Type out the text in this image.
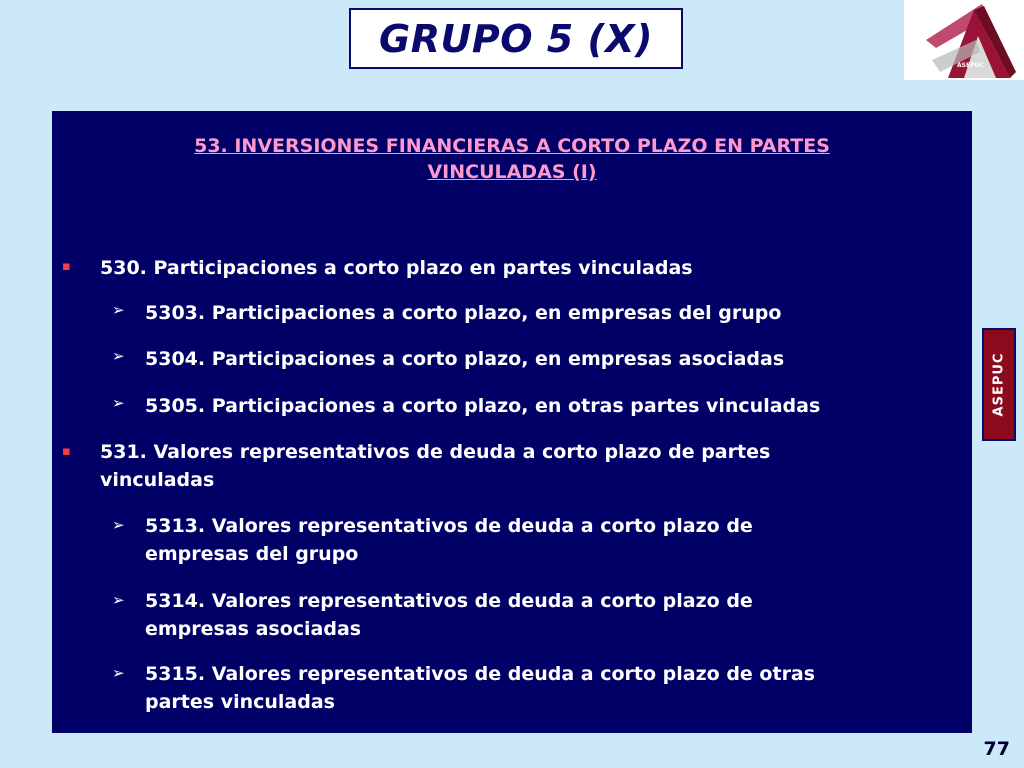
GRUPO 5 (X)
ASEPUC
53. INVERSIONES FINANCIERAS A CORTO PLAZO EN PARTES
VINCULADAS (I)
▪ 530. Participaciones a corto plazo en partes vinculadas
➢ 5303. Participaciones a corto plazo, en empresas del grupo
➢ 5304. Participaciones a corto plazo, en empresas asociadas
➢ 5305. Participaciones a corto plazo, en otras partes vinculadas
▪ 531. Valores representativos de deuda a corto plazo de partes
vinculadas
➢ 5313. Valores representativos de deuda a corto plazo de
empresas del grupo
➢ 5314. Valores representativos de deuda a corto plazo de
empresas asociadas
➢ 5315. Valores representativos de deuda a corto plazo de otras
partes vinculadas
ASEPUC
77
